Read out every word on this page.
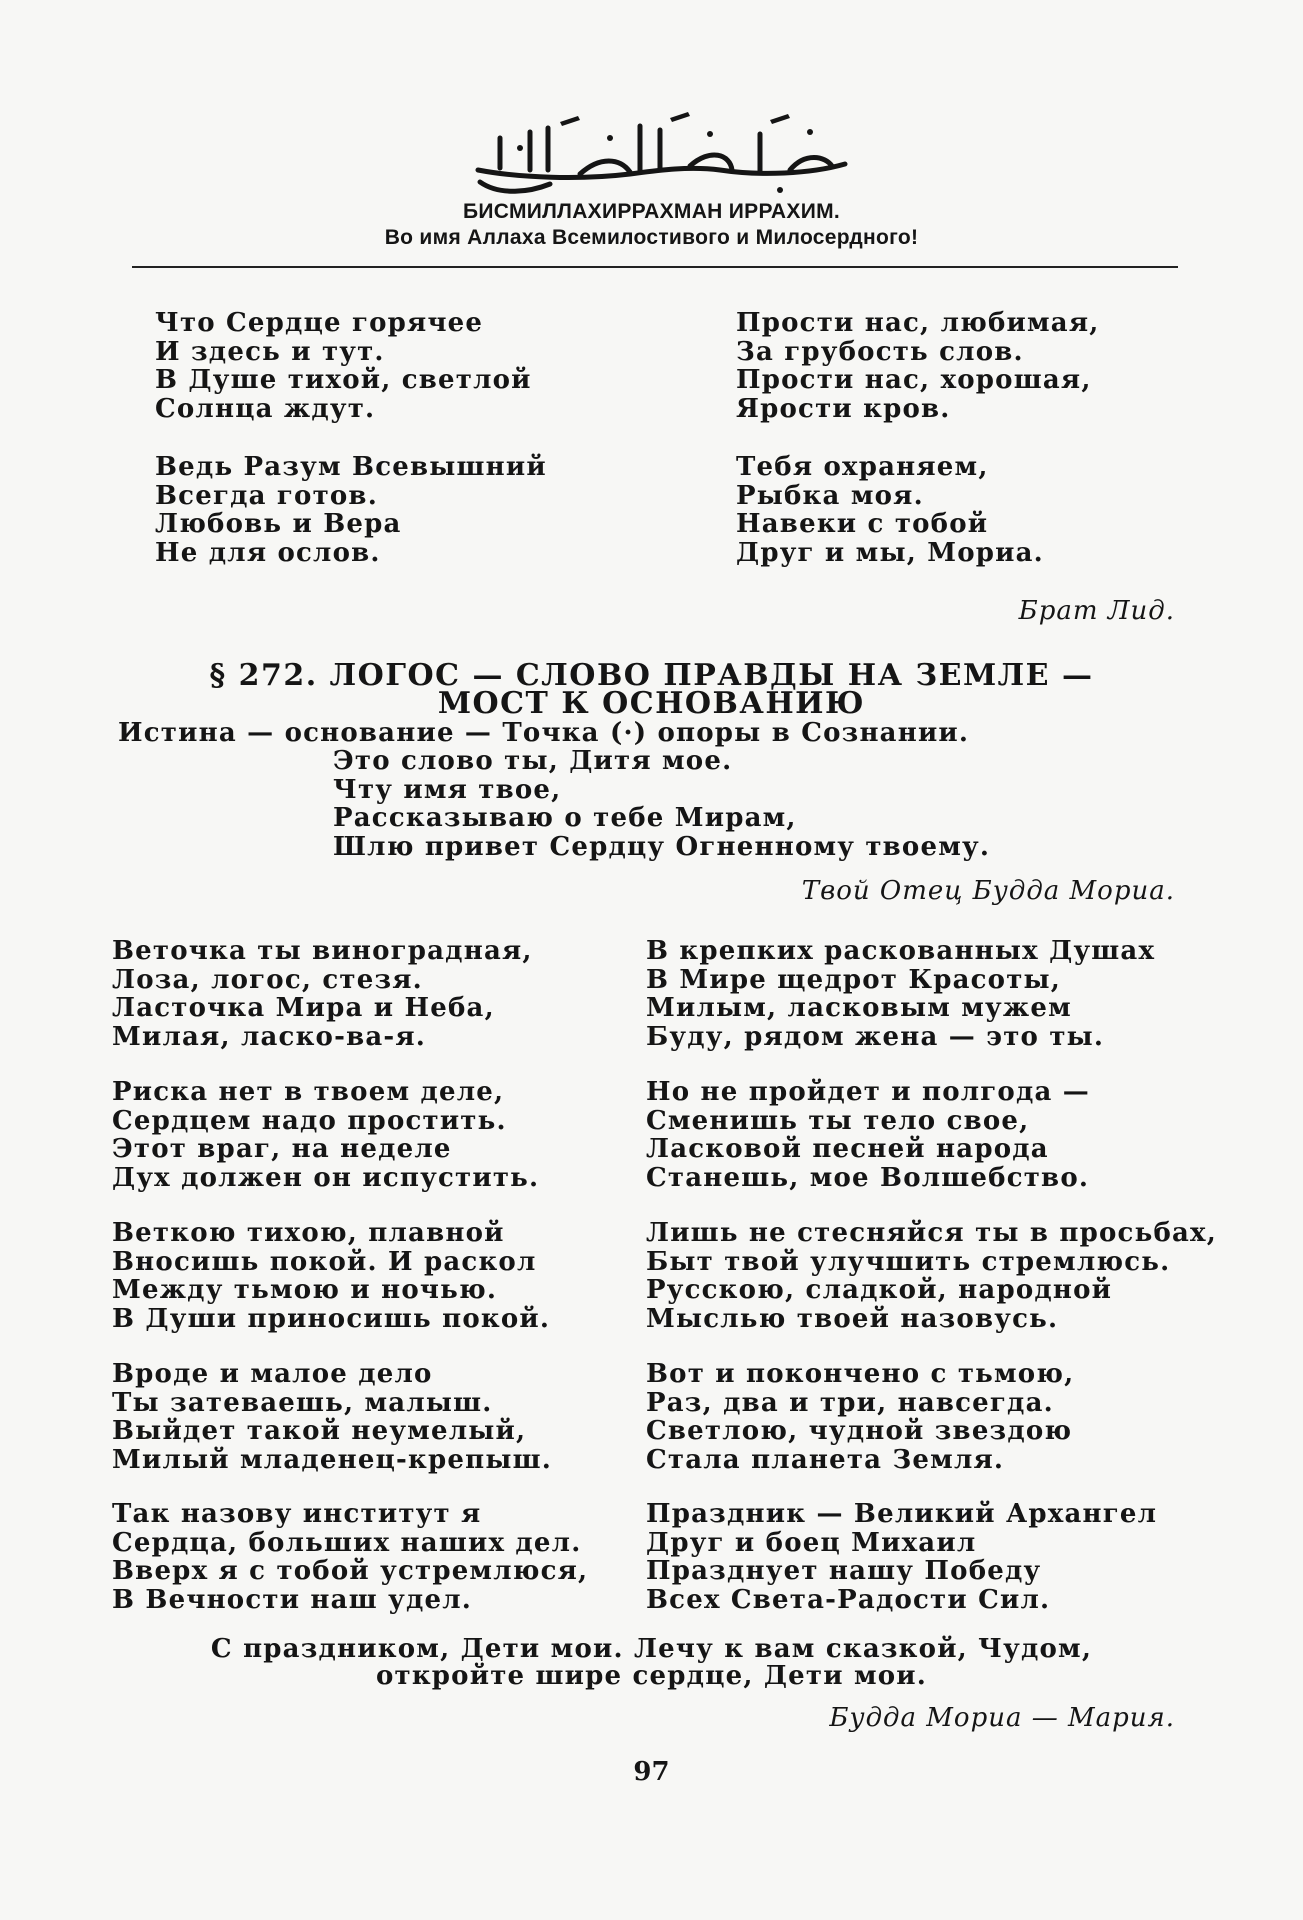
БИСМИЛЛАХИРРАХМАН ИРРАХИМ.
Во имя Аллаха Всемилостивого и Милосердного!
Что Сердце горячее
И здесь и тут.
В Душе тихой, светлой
Солнца ждут.
Ведь Разум Всевышний
Всегда готов.
Любовь и Вера
Не для ослов.
Прости нас, любимая,
За грубость слов.
Прости нас, хорошая,
Ярости кров.
Тебя охраняем,
Рыбка моя.
Навеки с тобой
Друг и мы, Мориа.
Брат Лид.
§ 272. ЛОГОС — СЛОВО ПРАВДЫ НА ЗЕМЛЕ —
МОСТ К ОСНОВАНИЮ
Истина — основание — Точка (·) опоры в Сознании.
Это слово ты, Дитя мое.
Чту имя твое,
Рассказываю о тебе Мирам,
Шлю привет Сердцу Огненному твоему.
Твой Отец Будда Мориа.
Веточка ты виноградная,
Лоза, логос, стезя.
Ласточка Мира и Неба,
Милая, ласко-ва-я.
Риска нет в твоем деле,
Сердцем надо простить.
Этот враг, на неделе
Дух должен он испустить.
Веткою тихою, плавной
Вносишь покой. И раскол
Между тьмою и ночью.
В Души приносишь покой.
Вроде и малое дело
Ты затеваешь, малыш.
Выйдет такой неумелый,
Милый младенец-крепыш.
Так назову институт я
Сердца, больших наших дел.
Вверх я с тобой устремлюся,
В Вечности наш удел.
В крепких раскованных Душах
В Мире щедрот Красоты,
Милым, ласковым мужем
Буду, рядом жена — это ты.
Но не пройдет и полгода —
Сменишь ты тело свое,
Ласковой песней народа
Станешь, мое Волшебство.
Лишь не стесняйся ты в просьбах,
Быт твой улучшить стремлюсь.
Русскою, сладкой, народной
Мыслью твоей назовусь.
Вот и покончено с тьмою,
Раз, два и три, навсегда.
Светлою, чудной звездою
Стала планета Земля.
Праздник — Великий Архангел
Друг и боец Михаил
Празднует нашу Победу
Всех Света-Радости Сил.
С праздником, Дети мои. Лечу к вам сказкой, Чудом,
откройте шире сердце, Дети мои.
Будда Мориа — Мария.
97
